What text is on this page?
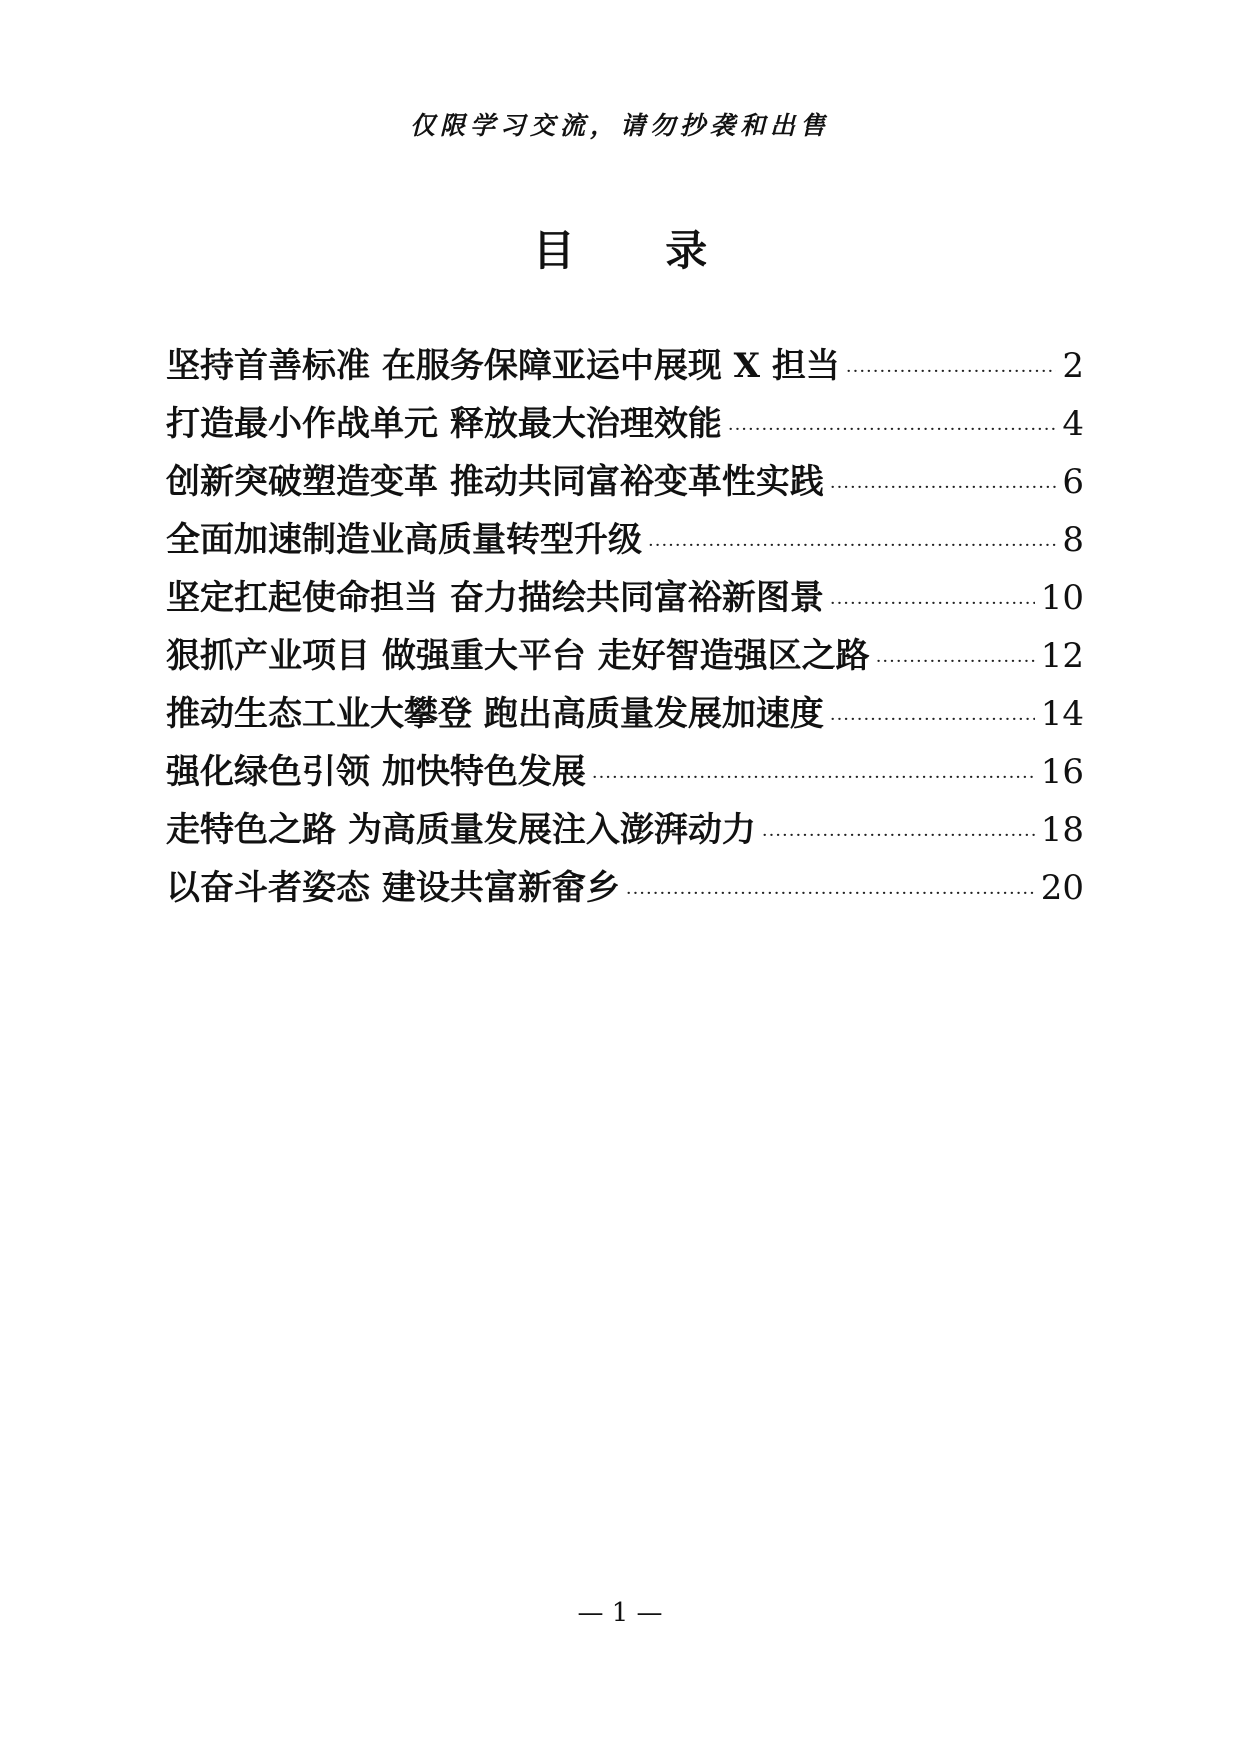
仅限学习交流，请勿抄袭和出售
目 录
坚持首善标准 在服务保障亚运中展现 X 担当 ·····	2
打造最小作战单元 释放最大治理效能 ·····	4
创新突破塑造变革 推动共同富裕变革性实践 ·····	6
全面加速制造业高质量转型升级 ·····	8
坚定扛起使命担当 奋力描绘共同富裕新图景 ·····	10
狠抓产业项目 做强重大平台 走好智造强区之路 ·····	12
推动生态工业大攀登 跑出高质量发展加速度 ·····	14
强化绿色引领 加快特色发展 ·····	16
走特色之路 为高质量发展注入澎湃动力 ·····	18
以奋斗者姿态 建设共富新畲乡 ·····	20
— 1 —
